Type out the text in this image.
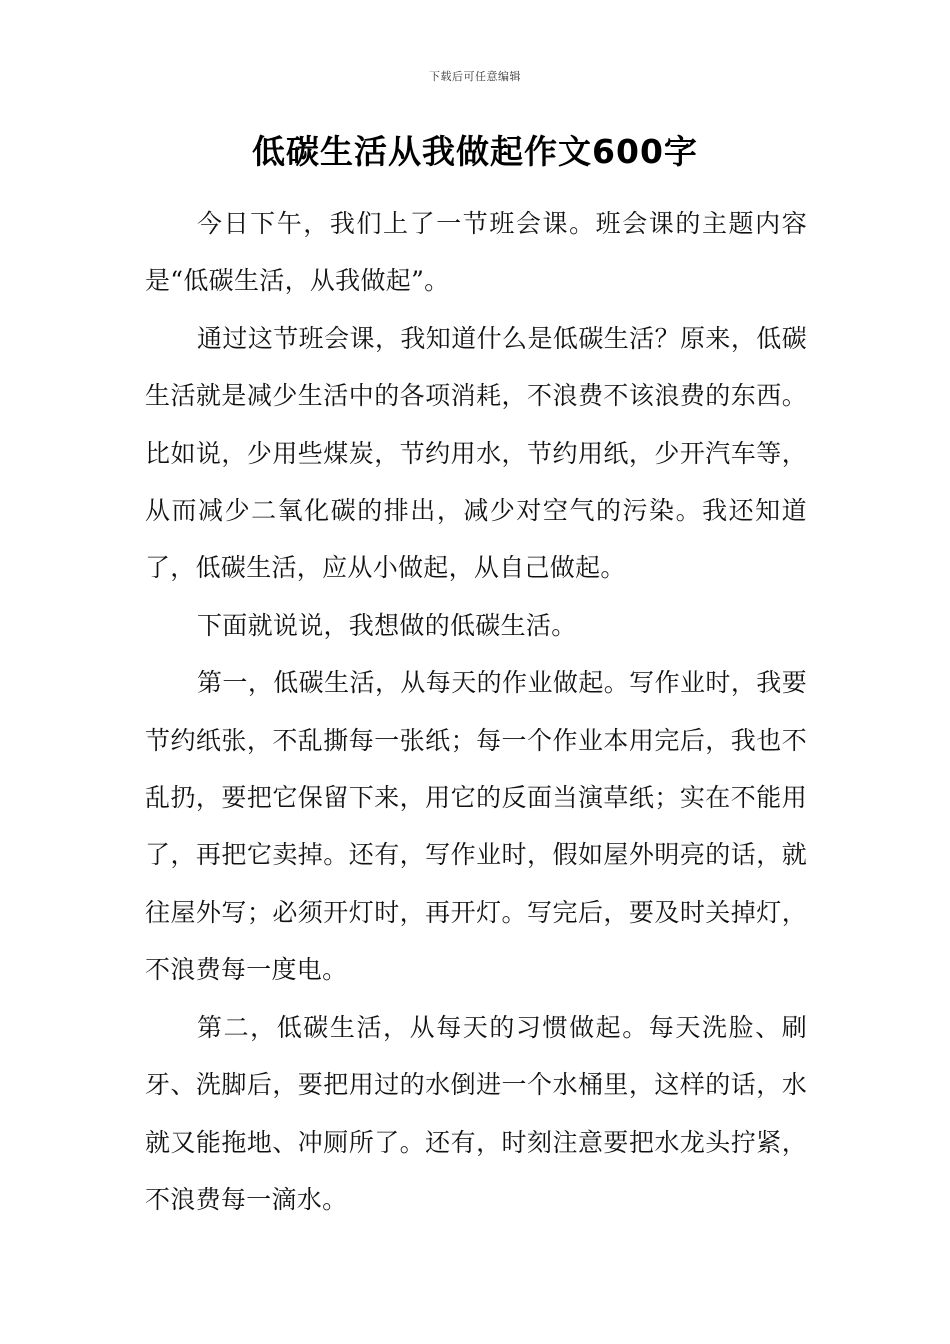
下载后可任意编辑
低碳生活从我做起作文600字

今日下午，我们上了一节班会课。班会课的主题内容是“低碳生活，从我做起”。

通过这节班会课，我知道什么是低碳生活？原来，低碳生活就是减少生活中的各项消耗，不浪费不该浪费的东西。比如说，少用些煤炭，节约用水，节约用纸，少开汽车等，从而减少二氧化碳的排出，减少对空气的污染。我还知道了，低碳生活，应从小做起，从自己做起。

下面就说说，我想做的低碳生活。

第一，低碳生活，从每天的作业做起。写作业时，我要节约纸张，不乱撕每一张纸；每一个作业本用完后，我也不乱扔，要把它保留下来，用它的反面当演草纸；实在不能用了，再把它卖掉。还有，写作业时，假如屋外明亮的话，就往屋外写；必须开灯时，再开灯。写完后，要及时关掉灯，不浪费每一度电。

第二，低碳生活，从每天的习惯做起。每天洗脸、刷牙、洗脚后，要把用过的水倒进一个水桶里，这样的话，水就又能拖地、冲厕所了。还有，时刻注意要把水龙头拧紧，不浪费每一滴水。
